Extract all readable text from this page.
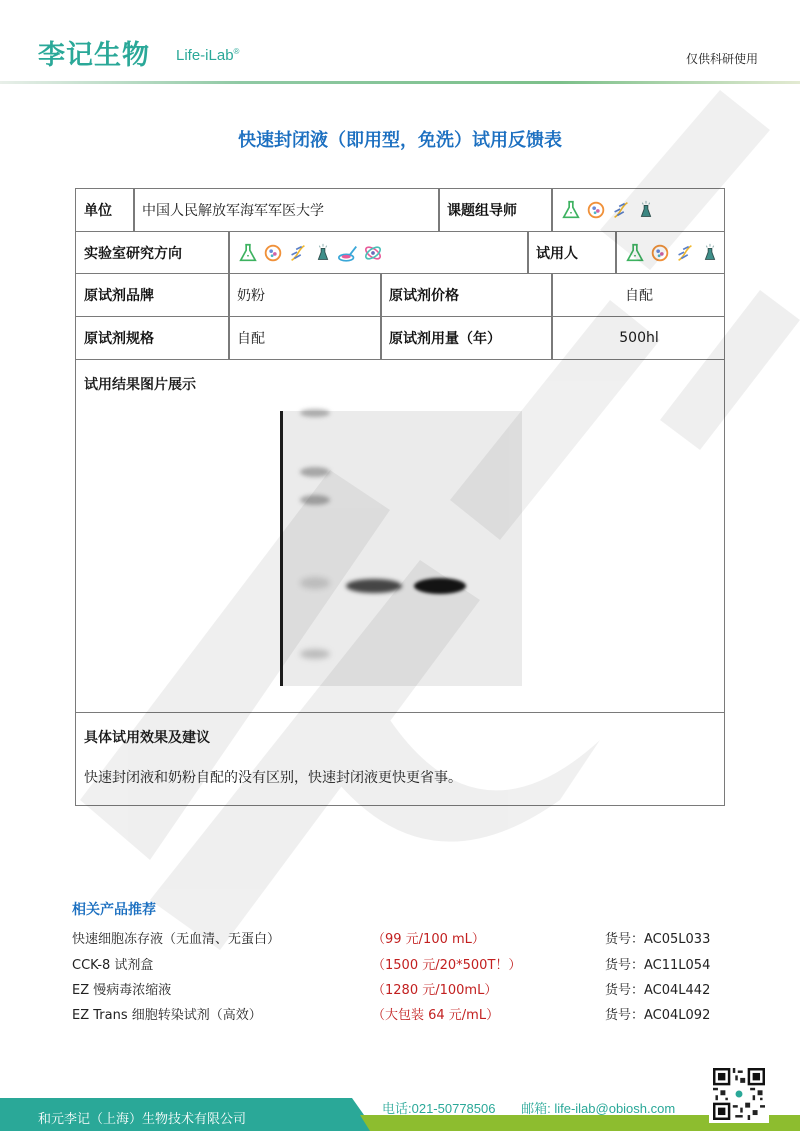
李记生物 Life-iLab®
仅供科研使用
快速封闭液（即用型，免洗）试用反馈表
单位	中国人民解放军海军军医大学	课题组导师
实验室研究方向	试用人
原试剂品牌	奶粉	原试剂价格	自配
原试剂规格	自配	原试剂用量（年）	500hl
试用结果图片展示
具体试用效果及建议
快速封闭液和奶粉自配的没有区别，快速封闭液更快更省事。
相关产品推荐
快速细胞冻存液（无血清、无蛋白）	（99 元/100 mL）	货号：AC05L033
CCK-8 试剂盒	（1500 元/20*500T！）	货号：AC11L054
EZ 慢病毒浓缩液	（1280 元/100mL）	货号：AC04L442
EZ Trans 细胞转染试剂（高效）	（大包装 64 元/mL）	货号：AC04L092
和元李记（上海）生物技术有限公司
电话:021-50778506 邮箱: life-ilab@obiosh.com
